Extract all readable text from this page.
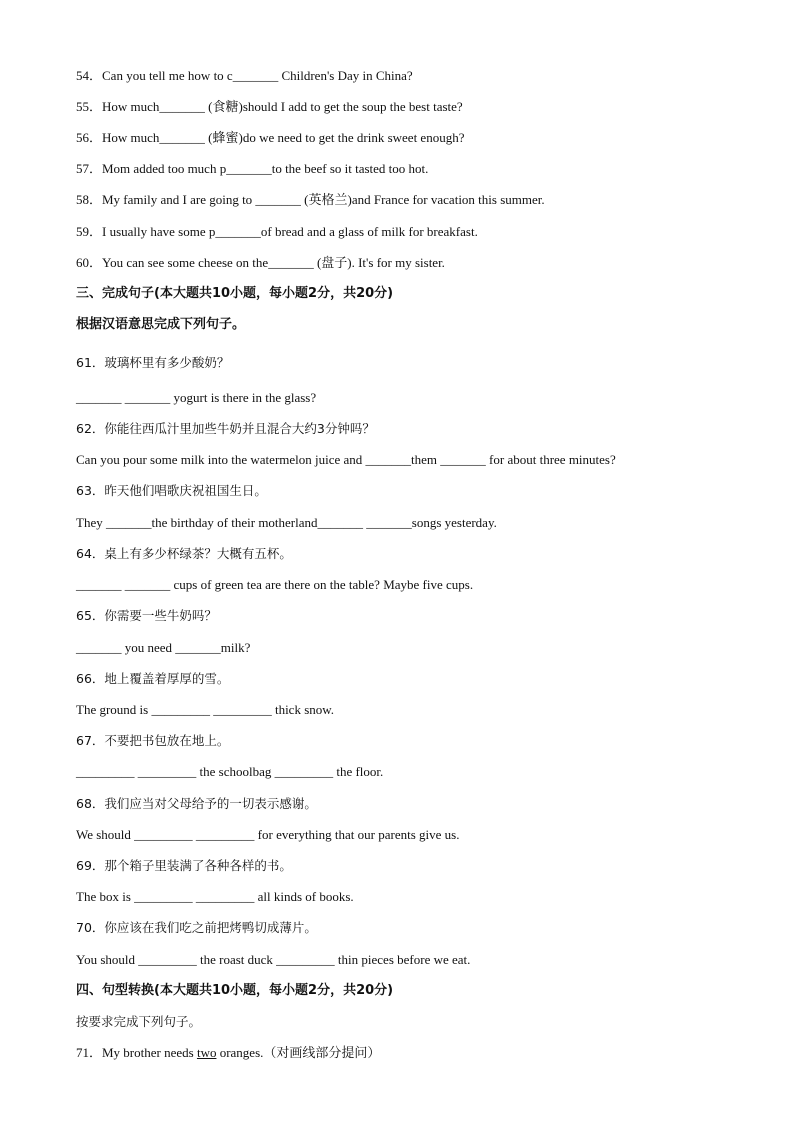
54．Can you tell me how to c_______ Children's Day in China?
55．How much_______ (食糖)should I add to get the soup the best taste?
56．How much_______ (蜂蜜)do we need to get the drink sweet enough?
57．Mom added too much p_______to the beef so it tasted too hot.
58．My family and I are going to _______ (英格兰)and France for vacation this summer.
59．I usually have some p_______of bread and a glass of milk for breakfast.
60．You can see some cheese on the_______ (盘子). It's for my sister.
三、完成句子(本大题共10小题，每小题2分，共20分)
根据汉语意思完成下列句子。
61．玻璃杯里有多少酸奶？
_______ _______ yogurt is there in the glass?
62．你能往西瓜汁里加些牛奶并且混合大约3分钟吗？
Can you pour some milk into the watermelon juice and _______them _______ for about three minutes?
63．昨天他们唱歌庆祝祖国生日。
They _______the birthday of their motherland_______ _______songs yesterday.
64．桌上有多少杯绿茶？大概有五杯。
_______ _______ cups of green tea are there on the table? Maybe five cups.
65．你需要一些牛奶吗？
_______ you need _______milk?
66．地上覆盖着厚厚的雪。
The ground is _________ _________ thick snow.
67．不要把书包放在地上。
_________ _________ the schoolbag _________ the floor.
68．我们应当对父母给予的一切表示感谢。
We should _________ _________ for everything that our parents give us.
69．那个箱子里装满了各种各样的书。
The box is _________ _________ all kinds of books.
70．你应该在我们吃之前把烤鸭切成薄片。
You should _________ the roast duck _________ thin pieces before we eat.
四、句型转换(本大题共10小题，每小题2分，共20分)
按要求完成下列句子。
71．My brother needs two oranges.（对画线部分提问）
